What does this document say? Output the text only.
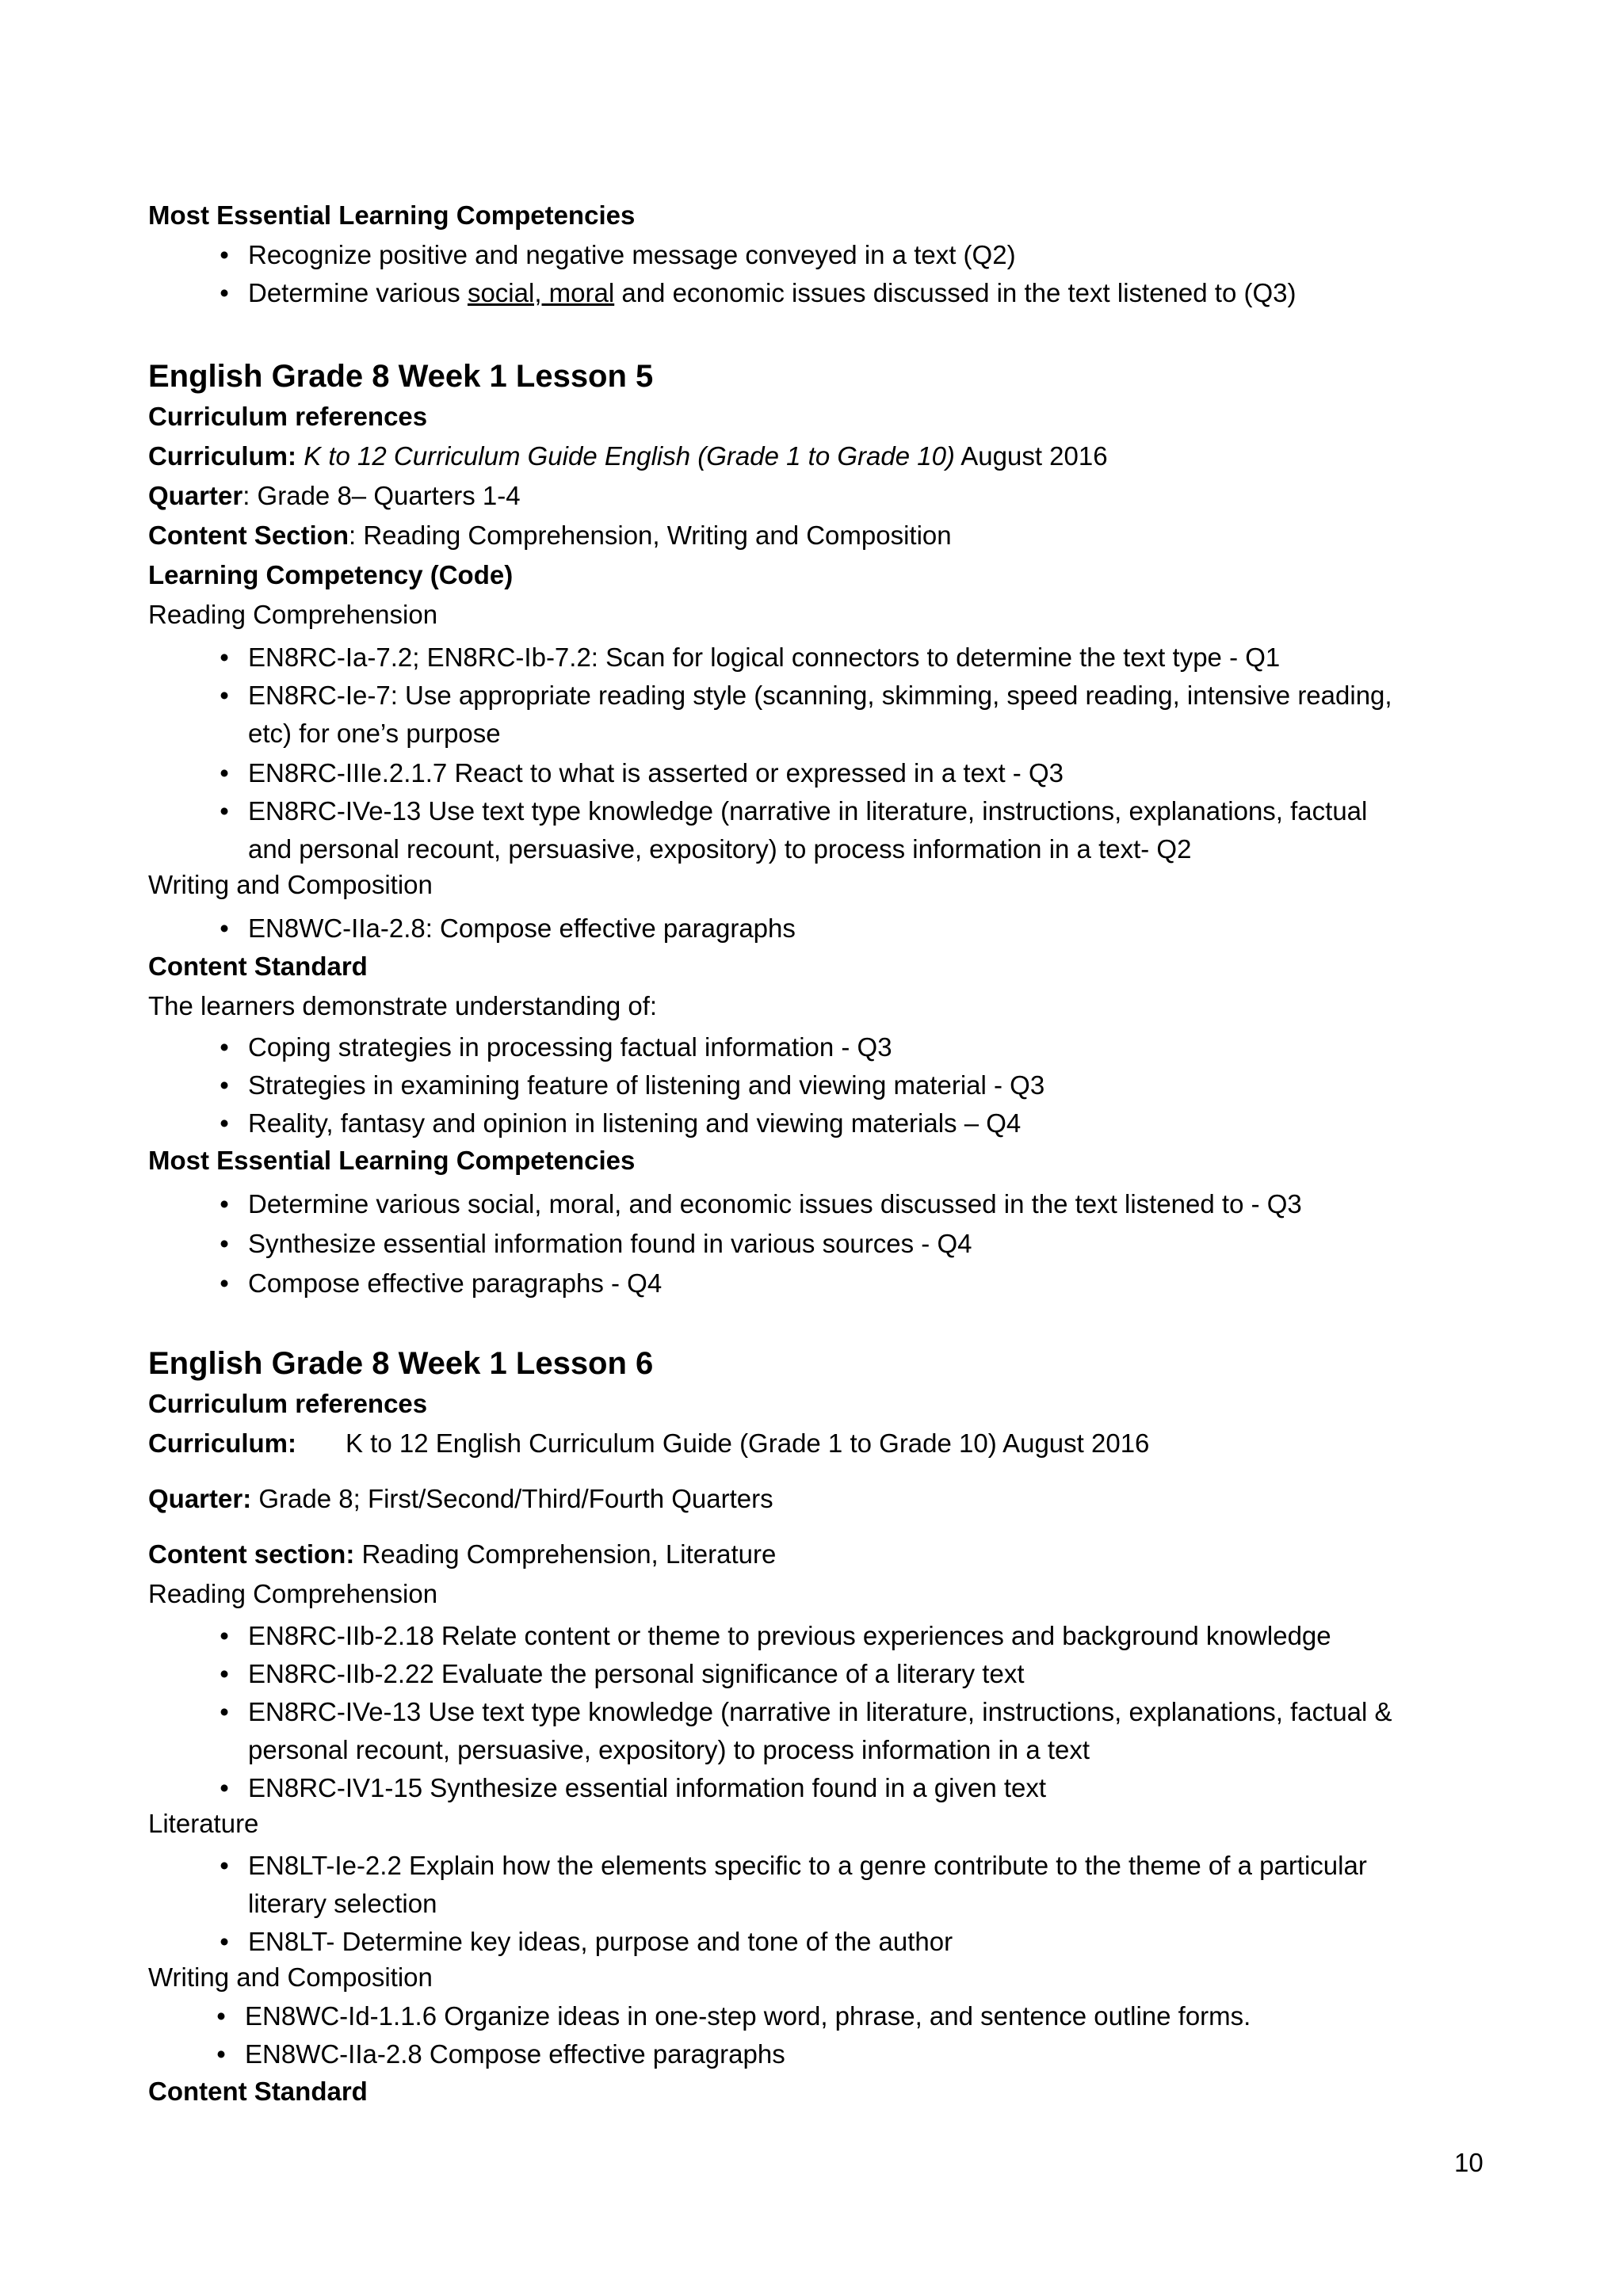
Most Essential Learning Competencies
• Recognize positive and negative message conveyed in a text (Q2)
• Determine various social, moral and economic issues discussed in the text listened to (Q3)
English Grade 8 Week 1 Lesson 5
Curriculum references
Curriculum: K to 12 Curriculum Guide English (Grade 1 to Grade 10) August 2016
Quarter: Grade 8– Quarters 1-4
Content Section: Reading Comprehension, Writing and Composition
Learning Competency (Code)
Reading Comprehension
• EN8RC-Ia-7.2; EN8RC-Ib-7.2: Scan for logical connectors to determine the text type - Q1
• EN8RC-Ie-7: Use appropriate reading style (scanning, skimming, speed reading, intensive reading,
etc) for one’s purpose
• EN8RC-IIIe.2.1.7 React to what is asserted or expressed in a text - Q3
• EN8RC-IVe-13 Use text type knowledge (narrative in literature, instructions, explanations, factual
and personal recount, persuasive, expository) to process information in a text- Q2
Writing and Composition
• EN8WC-IIa-2.8: Compose effective paragraphs
Content Standard
The learners demonstrate understanding of:
• Coping strategies in processing factual information - Q3
• Strategies in examining feature of listening and viewing material - Q3
• Reality, fantasy and opinion in listening and viewing materials – Q4
Most Essential Learning Competencies
• Determine various social, moral, and economic issues discussed in the text listened to - Q3
• Synthesize essential information found in various sources - Q4
• Compose effective paragraphs - Q4
English Grade 8 Week 1 Lesson 6
Curriculum references
Curriculum: K to 12 English Curriculum Guide (Grade 1 to Grade 10) August 2016
Quarter: Grade 8; First/Second/Third/Fourth Quarters
Content section: Reading Comprehension, Literature
Reading Comprehension
• EN8RC-IIb-2.18 Relate content or theme to previous experiences and background knowledge
• EN8RC-IIb-2.22 Evaluate the personal significance of a literary text
• EN8RC-IVe-13 Use text type knowledge (narrative in literature, instructions, explanations, factual &
personal recount, persuasive, expository) to process information in a text
• EN8RC-IV1-15 Synthesize essential information found in a given text
Literature
• EN8LT-Ie-2.2 Explain how the elements specific to a genre contribute to the theme of a particular
literary selection
• EN8LT- Determine key ideas, purpose and tone of the author
Writing and Composition
• EN8WC-Id-1.1.6 Organize ideas in one-step word, phrase, and sentence outline forms.
• EN8WC-IIa-2.8 Compose effective paragraphs
Content Standard
10
